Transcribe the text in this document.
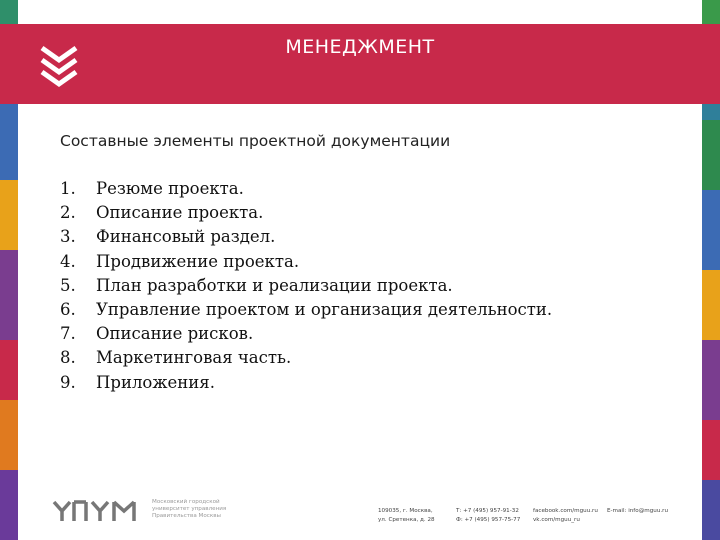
МЕНЕДЖМЕНТ
Составные элементы проектной документации
1. Резюме проекта.
2. Описание проекта.
3. Финансовый раздел.
4. Продвижение проекта.
5. План разработки и реализации проекта.
6. Управление проектом и организация деятельности.
7. Описание рисков.
8. Маркетинговая часть.
9. Приложения.
Московский городской
университет управления
Правительства Москвы
109035, г. Москва,
ул. Сретенка, д. 28
Т: +7 (495) 957-91-32
Ф: +7 (495) 957-75-77
facebook.com/mguu.ru
vk.com/mguu_ru
E-mail: info@mguu.ru
